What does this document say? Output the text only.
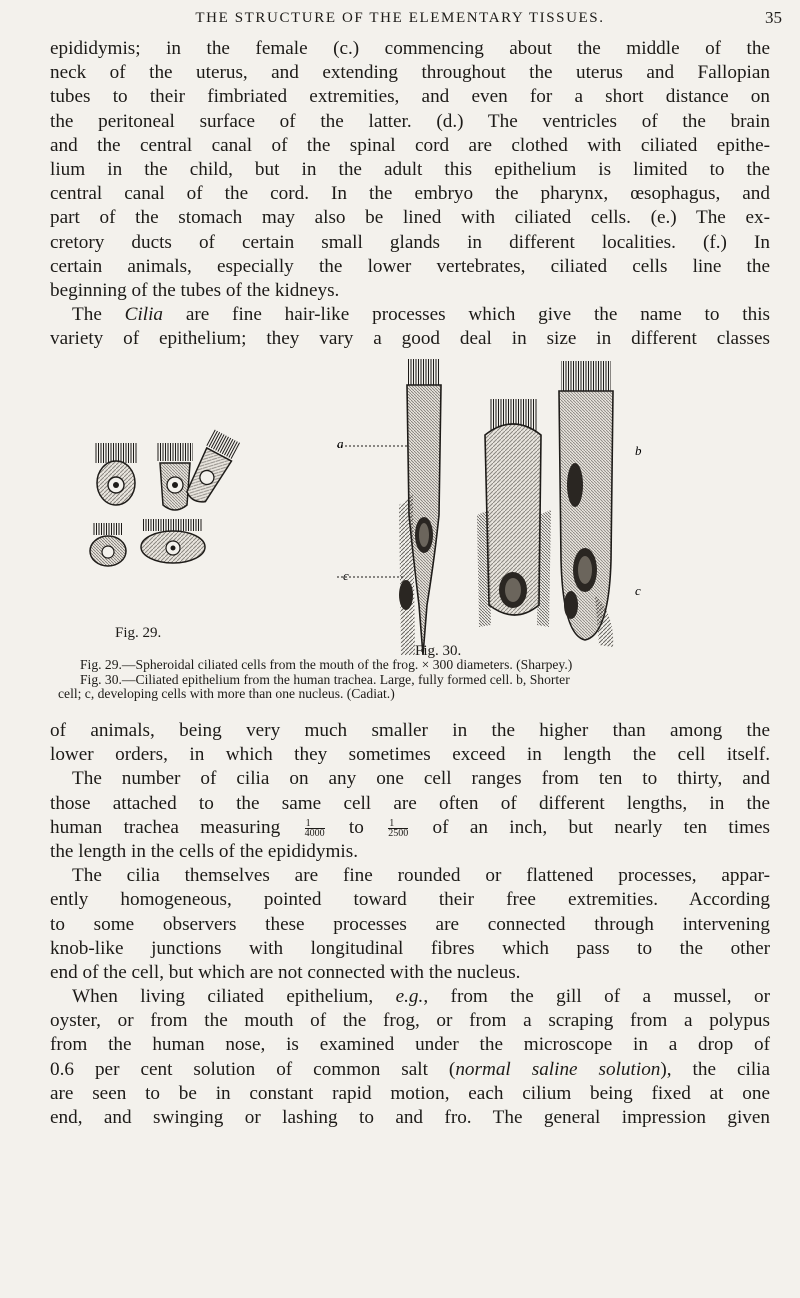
THE STRUCTURE OF THE ELEMENTARY TISSUES.	35
epididymis; in the female (c.) commencing about the middle of the
neck of the uterus, and extending throughout the uterus and Fallopian
tubes to their fimbriated extremities, and even for a short distance on
the peritoneal surface of the latter. (d.) The ventricles of the brain
and the central canal of the spinal cord are clothed with ciliated epithe-
lium in the child, but in the adult this epithelium is limited to the
central canal of the cord. In the embryo the pharynx, œsophagus, and
part of the stomach may also be lined with ciliated cells. (e.) The ex-
cretory ducts of certain small glands in different localities. (f.) In
certain animals, especially the lower vertebrates, ciliated cells line the
beginning of the tubes of the kidneys.
The Cilia are fine hair-like processes which give the name to this
variety of epithelium; they vary a good deal in size in different classes
a
c
b
c
Fig. 29.
Fig. 30.
Fig. 29.—Spheroidal ciliated cells from the mouth of the frog. × 300 diameters. (Sharpey.)
Fig. 30.—Ciliated epithelium from the human trachea. Large, fully formed cell. b, Shorter
cell; c, developing cells with more than one nucleus. (Cadiat.)
of animals, being very much smaller in the higher than among the
lower orders, in which they sometimes exceed in length the cell itself.
The number of cilia on any one cell ranges from ten to thirty, and
those attached to the same cell are often of different lengths, in the
human trachea measuring $\frac{1}{4000}$ to $\frac{1}{2500}$ of an inch, but nearly ten times
the length in the cells of the epididymis.
The cilia themselves are fine rounded or flattened processes, appar-
ently homogeneous, pointed toward their free extremities. According
to some observers these processes are connected through intervening
knob-like junctions with longitudinal fibres which pass to the other
end of the cell, but which are not connected with the nucleus.
When living ciliated epithelium, e.g., from the gill of a mussel, or
oyster, or from the mouth of the frog, or from a scraping from a polypus
from the human nose, is examined under the microscope in a drop of
0.6 per cent solution of common salt (normal saline solution), the cilia
are seen to be in constant rapid motion, each cilium being fixed at one
end, and swinging or lashing to and fro. The general impression given
